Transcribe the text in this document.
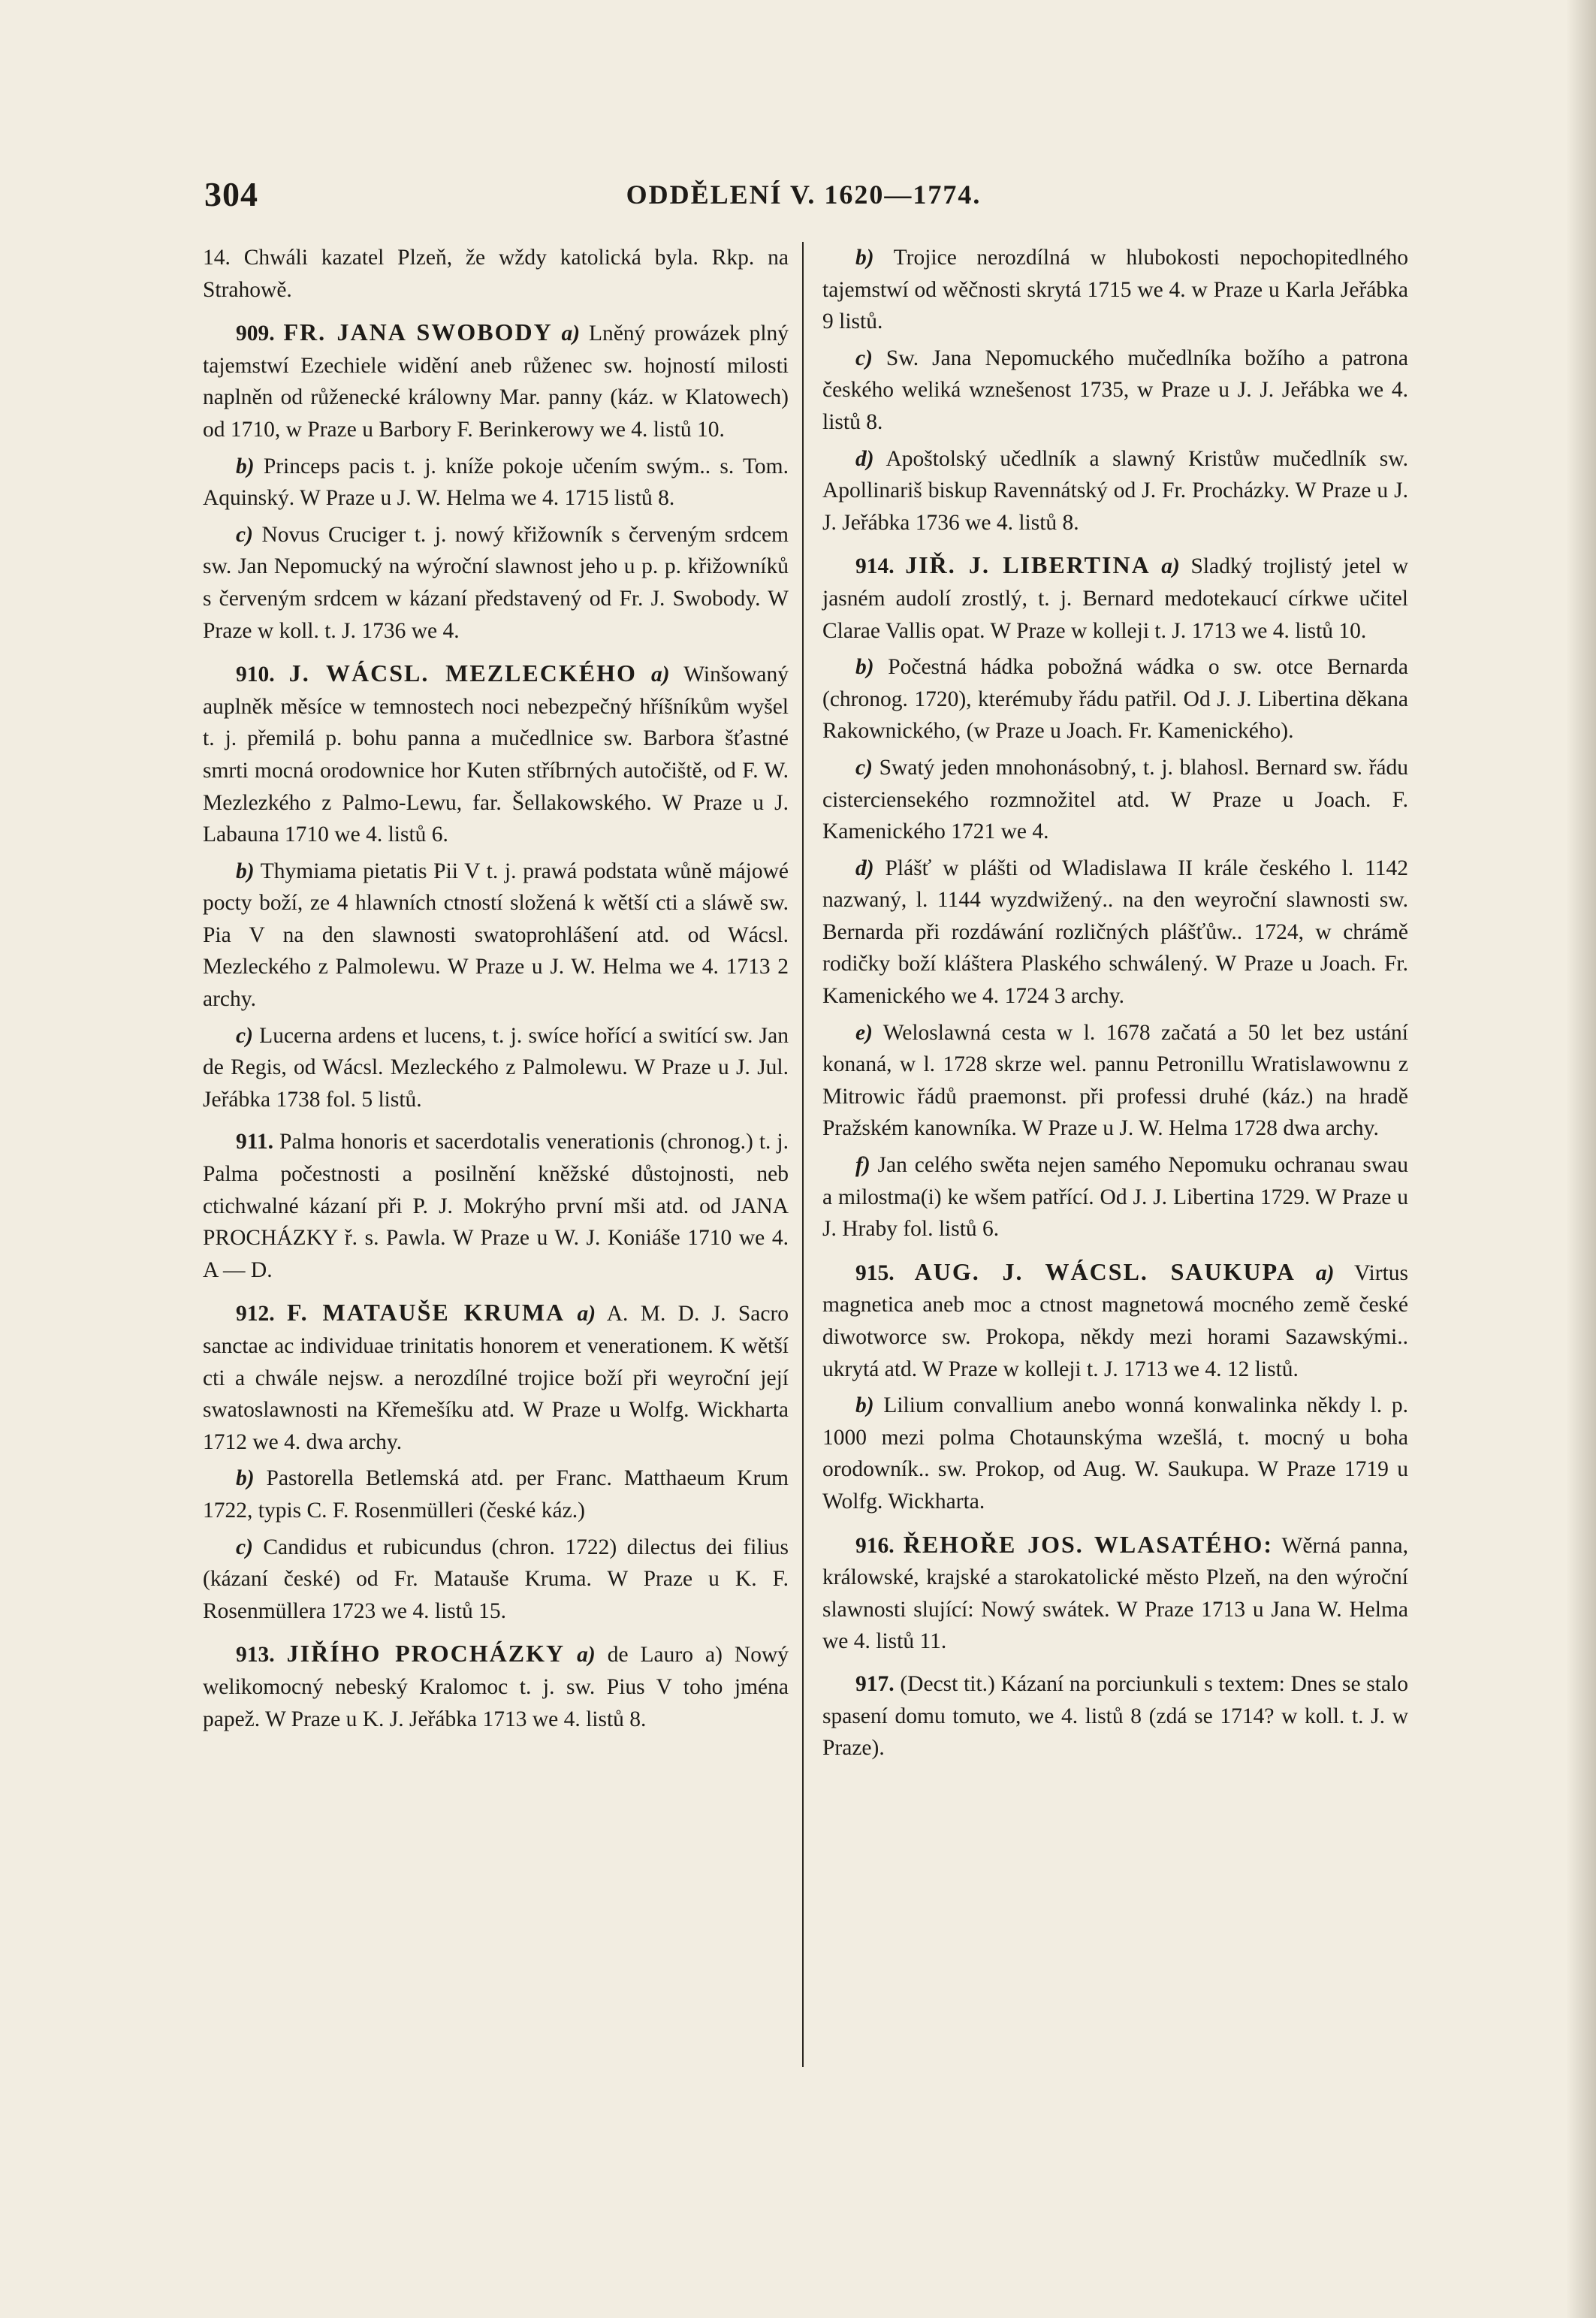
304	ODDĚLENÍ V. 1620—1774.

14. Chwáli kazatel Plzeň, že wždy katolická byla. Rkp. na Strahowě.

909. FR. JANA SWOBODY a) Lněný prowázek plný tajemstwí Ezechiele widění aneb růženec sw. hojností milosti naplněn od růženecké králowny Mar. panny (káz. w Klatowech) od 1710, w Praze u Barbory F. Berinkerowy we 4. listů 10.

b) Princeps pacis t. j. kníže pokoje učením swým.. s. Tom. Aquinský. W Praze u J. W. Helma we 4. 1715 listů 8.

c) Novus Cruciger t. j. nowý křižowník s červeným srdcem sw. Jan Nepomucký na wýroční slawnost jeho u p. p. křižowníků s červeným srdcem w kázaní představený od Fr. J. Swobody. W Praze w koll. t. J. 1736 we 4.

910. J. WÁCSL. MEZLECKÉHO a) Winšowaný auplněk měsíce w temnostech noci nebezpečný hříšníkům wyšel t. j. přemilá p. bohu panna a mučedlnice sw. Barbora šťastné smrti mocná orodownice hor Kuten stříbrných autočiště, od F. W. Mezlezkého z Palmo-Lewu, far. Šellakowského. W Praze u J. Labauna 1710 we 4. listů 6.

b) Thymiama pietatis Pii V t. j. prawá podstata wůně májowé pocty boží, ze 4 hlawních ctností složená k wětší cti a sláwě sw. Pia V na den slawnosti swatoprohlášení atd. od Wácsl. Mezleckého z Palmolewu. W Praze u J. W. Helma we 4. 1713 2 archy.

c) Lucerna ardens et lucens, t. j. swíce hořící a switící sw. Jan de Regis, od Wácsl. Mezleckého z Palmolewu. W Praze u J. Jul. Jeřábka 1738 fol. 5 listů.

911. Palma honoris et sacerdotalis venerationis (chronog.) t. j. Palma počestnosti a posilnění kněžské důstojnosti, neb ctichwalné kázaní při P. J. Mokrýho první mši atd. od JANA PROCHÁZKY ř. s. Pawla. W Praze u W. J. Koniáše 1710 we 4. A — D.

912. F. MATAUŠE KRUMA a) A. M. D. J. Sacro sanctae ac individuae trinitatis honorem et venerationem. K wětší cti a chwále nejsw. a nerozdílné trojice boží při weyroční její swatoslawnosti na Křemešíku atd. W Praze u Wolfg. Wickharta 1712 we 4. dwa archy.

b) Pastorella Betlemská atd. per Franc. Matthaeum Krum 1722, typis C. F. Rosenmülleri (české káz.)

c) Candidus et rubicundus (chron. 1722) dilectus dei filius (kázaní české) od Fr. Matauše Kruma. W Praze u K. F. Rosenmüllera 1723 we 4. listů 15.

913. JIŘÍHO PROCHÁZKY a) de Lauro a) Nowý welikomocný nebeský Kralomoc t. j. sw. Pius V toho jména papež. W Praze u K. J. Jeřábka 1713 we 4. listů 8.

b) Trojice nerozdílná w hlubokosti nepochopitedlného tajemstwí od wěčnosti skrytá 1715 we 4. w Praze u Karla Jeřábka 9 listů.

c) Sw. Jana Nepomuckého mučedlníka božího a patrona českého weliká wznešenost 1735, w Praze u J. J. Jeřábka we 4. listů 8.

d) Apoštolský učedlník a slawný Kristůw mučedlník sw. Apollinariš biskup Ravennátský od J. Fr. Procházky. W Praze u J. J. Jeřábka 1736 we 4. listů 8.

914. JIŘ. J. LIBERTINA a) Sladký trojlistý jetel w jasném audolí zrostlý, t. j. Bernard medotekaucí církwe učitel Clarae Vallis opat. W Praze w kolleji t. J. 1713 we 4. listů 10.

b) Počestná hádka pobožná wádka o sw. otce Bernarda (chronog. 1720), kterémuby řádu patřil. Od J. J. Libertina děkana Rakownického, (w Praze u Joach. Fr. Kamenického).

c) Swatý jeden mnohonásobný, t. j. blahosl. Bernard sw. řádu cisterciensekého rozmnožitel atd. W Praze u Joach. F. Kamenického 1721 we 4.

d) Plášť w plášti od Wladislawa II krále českého l. 1142 nazwaný, l. 1144 wyzdwižený.. na den weyroční slawnosti sw. Bernarda při rozdáwání rozličných plášťůw.. 1724, w chrámě rodičky boží kláštera Plaského schwálený. W Praze u Joach. Fr. Kamenického we 4. 1724 3 archy.

e) Weloslawná cesta w l. 1678 začatá a 50 let bez ustání konaná, w l. 1728 skrze wel. pannu Petronillu Wratislawownu z Mitrowic řádů praemonst. při professi druhé (káz.) na hradě Pražském kanowníka. W Praze u J. W. Helma 1728 dwa archy.

f) Jan celého swěta nejen samého Nepomuku ochranau swau a milostma(i) ke wšem patřící. Od J. J. Libertina 1729. W Praze u J. Hraby fol. listů 6.

915. AUG. J. WÁCSL. SAUKUPA a) Virtus magnetica aneb moc a ctnost magnetowá mocného země české diwotworce sw. Prokopa, někdy mezi horami Sazawskými.. ukrytá atd. W Praze w kolleji t. J. 1713 we 4. 12 listů.

b) Lilium convallium anebo wonná konwalinka někdy l. p. 1000 mezi polma Chotaunskýma wzešlá, t. mocný u boha orodowník.. sw. Prokop, od Aug. W. Saukupa. W Praze 1719 u Wolfg. Wickharta.

916. ŘEHOŘE JOS. WLASATÉHO: Wěrná panna, králowské, krajské a starokatolické město Plzeň, na den wýroční slawnosti slující: Nowý swátek. W Praze 1713 u Jana W. Helma we 4. listů 11.

917. (Decst tit.) Kázaní na porciunkuli s textem: Dnes se stalo spasení domu tomuto, we 4. listů 8 (zdá se 1714? w koll. t. J. w Praze).
